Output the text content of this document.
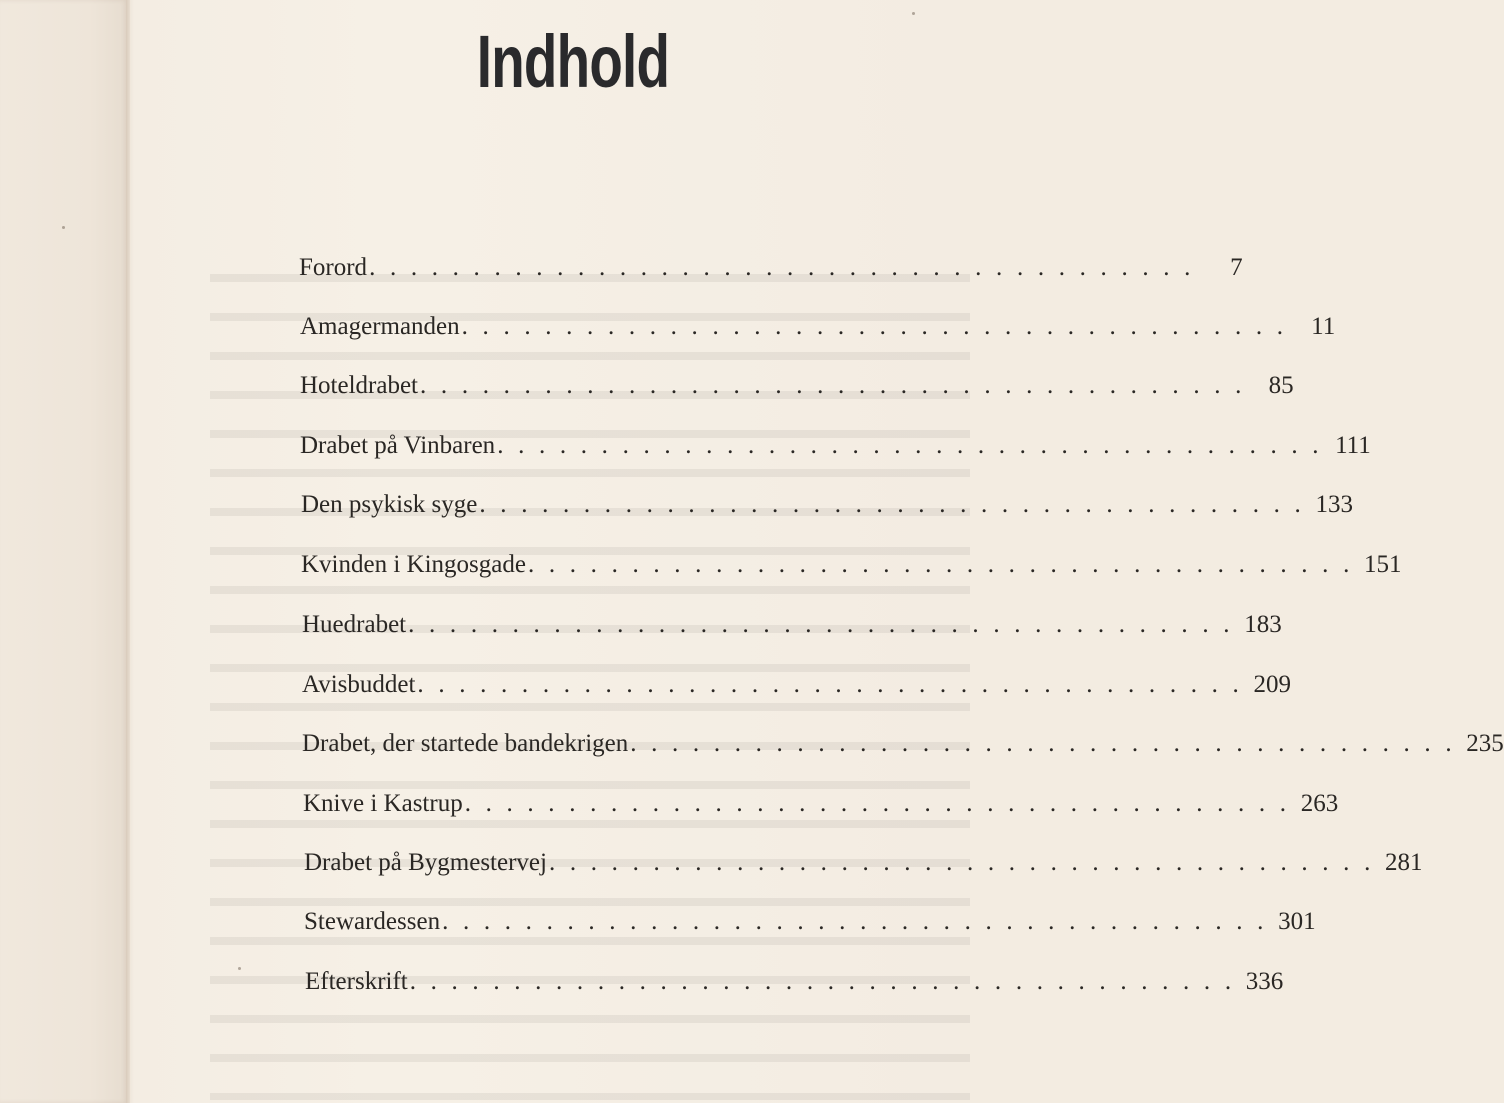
Indhold
Forord . . . . . . . . . . . . . . . . . . . . . . . . . . . . . . . . . . . . . . . .	7
Amagermanden . . . . . . . . . . . . . . . . . . . . . . . . . . . . . . . . . . . . . . . . 11
Hoteldrabet . . . . . . . . . . . . . . . . . . . . . . . . . . . . . . . . . . . . . . . . 85
Drabet på Vinbaren . . . . . . . . . . . . . . . . . . . . . . . . . . . . . . . . . . . . . . . . 111
Den psykisk syge . . . . . . . . . . . . . . . . . . . . . . . . . . . . . . . . . . . . . . . . 133
Kvinden i Kingosgade . . . . . . . . . . . . . . . . . . . . . . . . . . . . . . . . . . . . . . . . 151
Huedrabet . . . . . . . . . . . . . . . . . . . . . . . . . . . . . . . . . . . . . . . . 183
Avisbuddet . . . . . . . . . . . . . . . . . . . . . . . . . . . . . . . . . . . . . . . . 209
Drabet, der startede bandekrigen . . . . . . . . . . . . . . . . . . . . . . . . . . . . . . . . . . . . . . . . 235
Knive i Kastrup . . . . . . . . . . . . . . . . . . . . . . . . . . . . . . . . . . . . . . . . 263
Drabet på Bygmestervej . . . . . . . . . . . . . . . . . . . . . . . . . . . . . . . . . . . . . . . . 281
Stewardessen . . . . . . . . . . . . . . . . . . . . . . . . . . . . . . . . . . . . . . . . 301
Efterskrift . . . . . . . . . . . . . . . . . . . . . . . . . . . . . . . . . . . . . . . . 336
